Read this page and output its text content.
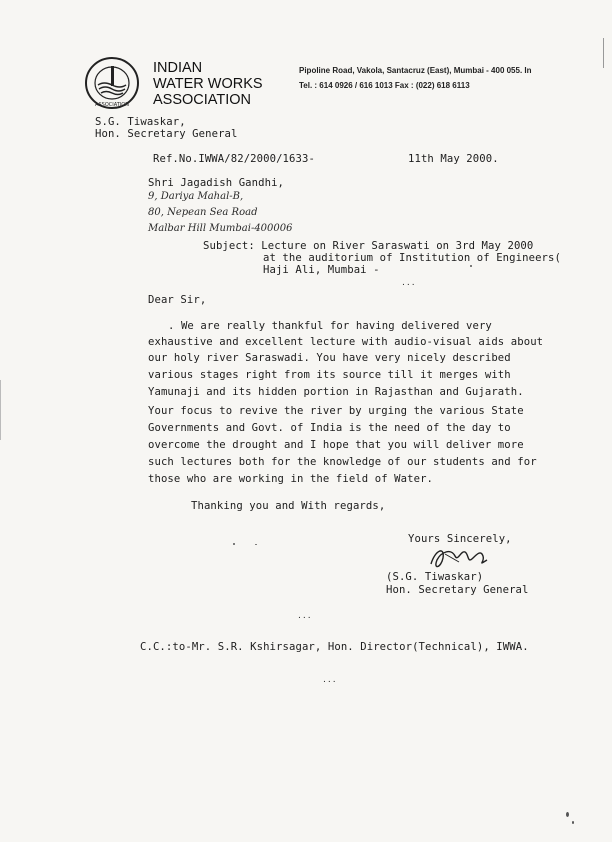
ASSOCIATION
INDIAN
WATER WORKS
ASSOCIATION
Pipoline Road, Vakola, Santacruz (East), Mumbai - 400 055. In
Tel. : 614 0926 / 616 1013 Fax : (022) 618 6113
S.G. Tiwaskar,
Hon. Secretary General
Ref.No.IWWA/82/2000/1633-	11th May 2000.
Shri Jagadish Gandhi,
9, Dariya Mahal-B,
80, Nepean Sea Road
Malbar Hill Mumbai-400006
Subject: Lecture on River Saraswati on 3rd May 2000
at the auditorium of Institution of Engineers(
Haji Ali, Mumbai -
...
Dear Sir,
. We are really thankful for having delivered very
exhaustive and excellent lecture with audio-visual aids about
our holy river Saraswadi. You have very nicely described
various stages right from its source till it merges with
Yamunaji and its hidden portion in Rajasthan and Gujarath.
Your focus to revive the river by urging the various State
Governments and Govt. of India is the need of the day to
overcome the drought and I hope that you will deliver more
such lectures both for the knowledge of our students and for
those who are working in the field of Water.
Thanking you and With regards,
Yours Sincerely,
(S.G. Tiwaskar)
Hon. Secretary General
...
C.C.:to-Mr. S.R. Kshirsagar, Hon. Director(Technical), IWWA.
...
